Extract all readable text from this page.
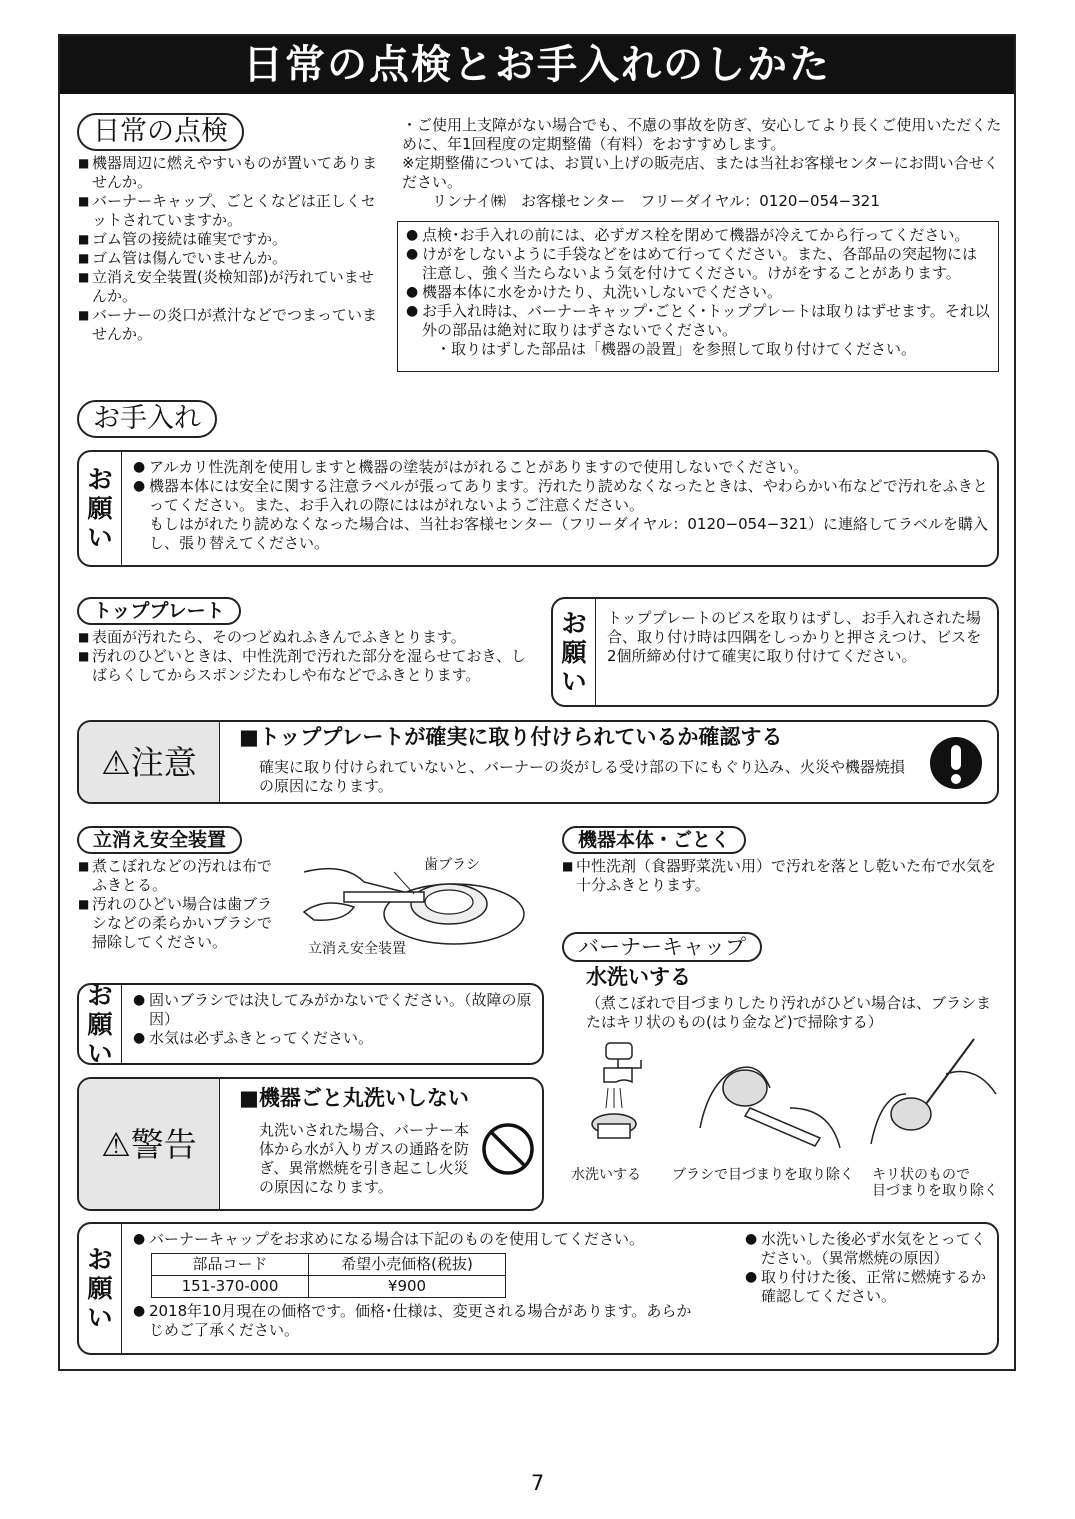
日常の点検とお手入れのしかた
日常の点検
■ 機器周辺に燃えやすいものが置いてありませんか。
■ バーナーキャップ、ごとくなどは正しくセットされていますか。
■ ゴム管の接続は確実ですか。
■ ゴム管は傷んでいませんか。
■ 立消え安全装置(炎検知部)が汚れていませんか。
■ バーナーの炎口が煮汁などでつまっていませんか。
・ご使用上支障がない場合でも、不慮の事故を防ぎ、安心してより長くご使用いただくために、年1回程度の定期整備（有料）をおすすめします。
※定期整備については、お買い上げの販売店、または当社お客様センターにお問い合せください。
リンナイ㈱　お客様センター　フリーダイヤル：0120−054−321
● 点検･お手入れの前には、必ずガス栓を閉めて機器が冷えてから行ってください。
● けがをしないように手袋などをはめて行ってください。また、各部品の突起物には注意し、強く当たらないよう気を付けてください。けがをすることがあります。
● 機器本体に水をかけたり、丸洗いしないでください。
● お手入れ時は、バーナーキャップ･ごとく･トッププレートは取りはずせます。それ以外の部品は絶対に取りはずさないでください。
・取りはずした部品は「機器の設置」を参照して取り付けてください。
お手入れ
お
願
い
● アルカリ性洗剤を使用しますと機器の塗装がはがれることがありますので使用しないでください。
● 機器本体には安全に関する注意ラベルが張ってあります。汚れたり読めなくなったときは、やわらかい布などで汚れをふきとってください。また、お手入れの際にははがれないようご注意ください。
もしはがれたり読めなくなった場合は、当社お客様センター（フリーダイヤル：0120−054−321）に連絡してラベルを購入し、張り替えてください。
トッププレート
■ 表面が汚れたら、そのつどぬれふきんでふきとります。
■ 汚れのひどいときは、中性洗剤で汚れた部分を湿らせておき、しばらくしてからスポンジたわしや布などでふきとります。
お
願
い
トッププレートのビスを取りはずし、お手入れされた場合、取り付け時は四隅をしっかりと押さえつけ、ビスを2個所締め付けて確実に取り付けてください。
⚠注意
■トッププレートが確実に取り付けられているか確認する
確実に取り付けられていないと、バーナーの炎がしる受け部の下にもぐり込み、火災や機器焼損の原因になります。
立消え安全装置
■ 煮こぼれなどの汚れは布でふきとる。
■ 汚れのひどい場合は歯ブラシなどの柔らかいブラシで掃除してください。
歯ブラシ
立消え安全装置
お
願
い
● 固いブラシでは決してみがかないでください。（故障の原因）
● 水気は必ずふきとってください。
⚠警告
■機器ごと丸洗いしない
丸洗いされた場合、バーナー本体から水が入りガスの通路を防ぎ、異常燃焼を引き起こし火災の原因になります。
機器本体・ごとく
■ 中性洗剤（食器野菜洗い用）で汚れを落とし乾いた布で水気を十分ふきとります。
バーナーキャップ
水洗いする
（煮こぼれで目づまりしたり汚れがひどい場合は、ブラシまたはキリ状のもの(はり金など)で掃除する）
水洗いする ブラシで目づまりを取り除く キリ状のもので
目づまりを取り除く
お
願
い
● バーナーキャップをお求めになる場合は下記のものを使用してください。
部品コード	希望小売価格(税抜)
151-370-000	¥900
● 2018年10月現在の価格です。価格･仕様は、変更される場合があります。あらかじめご了承ください。
● 水洗いした後必ず水気をとってください。（異常燃焼の原因）
● 取り付けた後、正常に燃焼するか確認してください。
7
